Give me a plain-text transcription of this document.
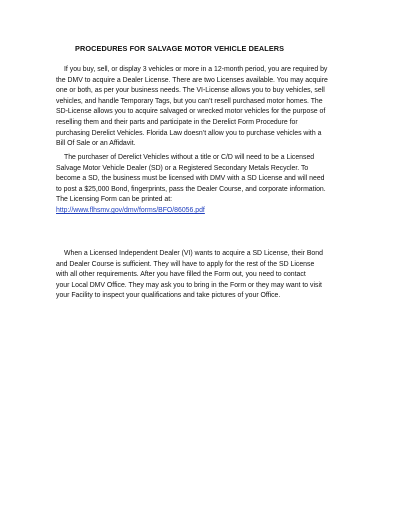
PROCEDURES FOR SALVAGE MOTOR VEHICLE DEALERS
If you buy, sell, or display 3 vehicles or more in a 12-month period, you are required by
the DMV to acquire a Dealer License. There are two Licenses available. You may acquire
one or both, as per your business needs. The VI-License allows you to buy vehicles, sell
vehicles, and handle Temporary Tags, but you can’t resell purchased motor homes. The
SD-License allows you to acquire salvaged or wrecked motor vehicles for the purpose of
reselling them and their parts and participate in the Derelict Form Procedure for
purchasing Derelict Vehicles. Florida Law doesn’t allow you to purchase vehicles with a
Bill Of Sale or an Affidavit.
The purchaser of Derelict Vehicles without a title or C/D will need to be a Licensed
Salvage Motor Vehicle Dealer (SD) or a Registered Secondary Metals Recycler. To
become a SD, the business must be licensed with DMV with a SD License and will need
to post a $25,000 Bond, fingerprints, pass the Dealer Course, and corporate information.
The Licensing Form can be printed at:
http://www.flhsmv.gov/dmv/forms/BFO/86056.pdf
When a Licensed Independent Dealer (VI) wants to acquire a SD License, their Bond
and Dealer Course is sufficient. They will have to apply for the rest of the SD License
with all other requirements. After you have filled the Form out, you need to contact
your Local DMV Office. They may ask you to bring in the Form or they may want to visit
your Facility to inspect your qualifications and take pictures of your Office.
